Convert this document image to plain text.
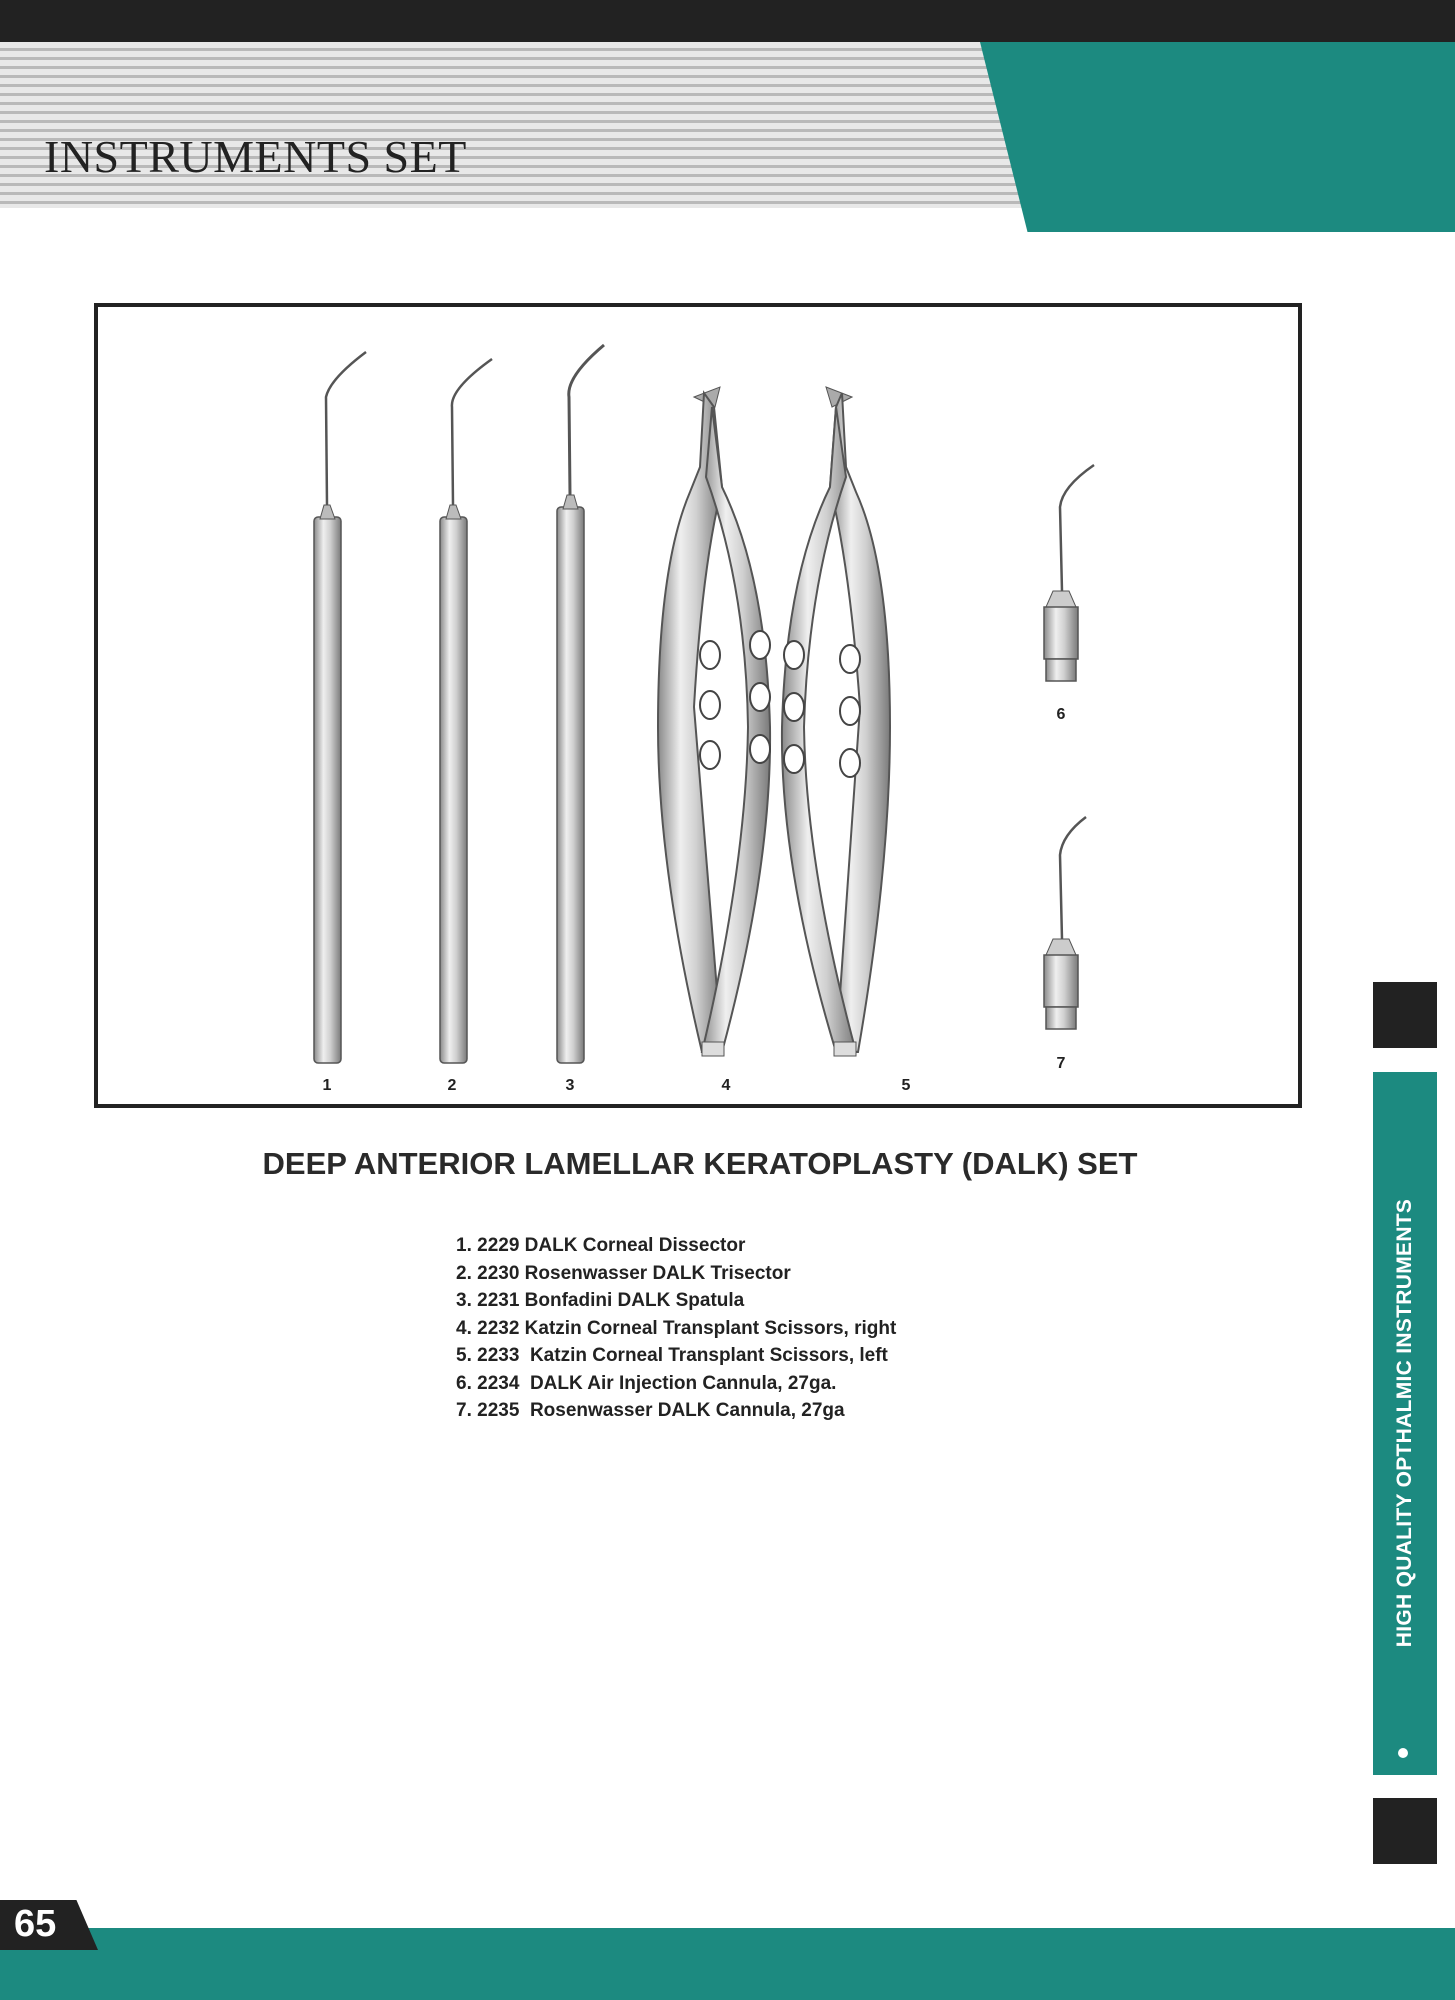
INSTRUMENTS SET
1	2	3	4	5
6
7
DEEP ANTERIOR LAMELLAR KERATOPLASTY (DALK) SET
1. 2229 DALK Corneal Dissector
2. 2230 Rosenwasser DALK Trisector
3. 2231 Bonfadini DALK Spatula
4. 2232 Katzin Corneal Transplant Scissors, right
5. 2233  Katzin Corneal Transplant Scissors, left
6. 2234  DALK Air Injection Cannula, 27ga.
7. 2235  Rosenwasser DALK Cannula, 27ga	HIGH QUALITY OPTHALMIC INSTRUMENTS
65
